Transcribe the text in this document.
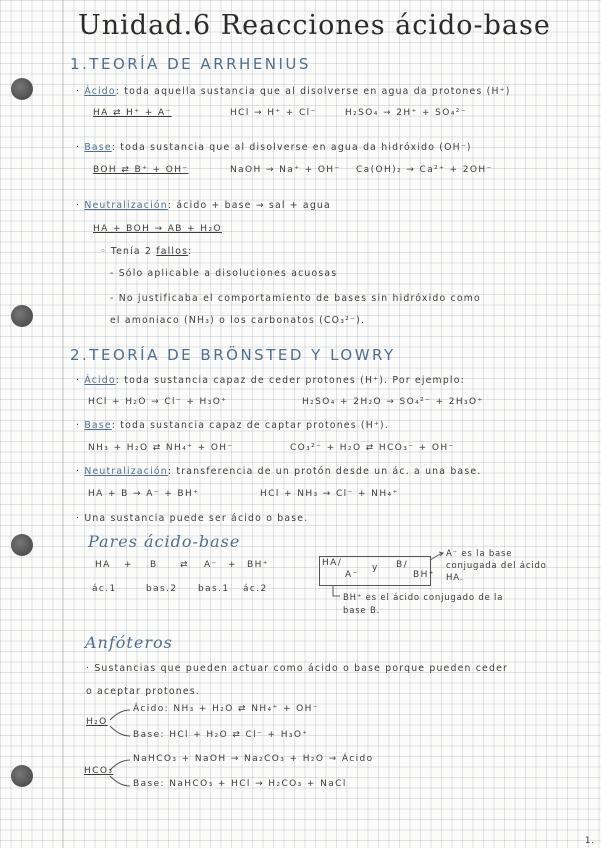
Unidad.6 Reacciones ácido-base
1.TEORÍA DE ARRHENIUS
· Ácido: toda aquella sustancia que al disolverse en agua da protones (H⁺)
HA ⇄ H⁺ + A⁻	HCl → H⁺ + Cl⁻	H₂SO₄ → 2H⁺ + SO₄²⁻
· Base: toda sustancia que al disolverse en agua da hidróxido (OH⁻)
BOH ⇄ B⁺ + OH⁻	NaOH → Na⁺ + OH⁻ Ca(OH)₂ → Ca²⁺ + 2OH⁻
· Neutralización: ácido + base → sal + agua
HA + BOH → AB + H₂O
◦ Tenía 2 fallos:
- Sólo aplicable a disoluciones acuosas
- No justificaba el comportamiento de bases sin hidróxido como
el amoniaco (NH₃) o los carbonatos (CO₃²⁻).
2.TEORÍA DE BRÖNSTED Y LOWRY
· Ácido: toda sustancia capaz de ceder protones (H⁺). Por ejemplo:
HCl + H₂O → Cl⁻ + H₃O⁺	H₂SO₄ + 2H₂O → SO₄²⁻ + 2H₃O⁺
· Base: toda sustancia capaz de captar protones (H⁺).
NH₃ + H₂O ⇄ NH₄⁺ + OH⁻	CO₃²⁻ + H₂O ⇄ HCO₃⁻ + OH⁻
· Neutralización: transferencia de un protón desde un ác. a una base.
HA + B → A⁻ + BH⁺	HCl + NH₃ → Cl⁻ + NH₄⁺
· Una sustancia puede ser ácido o base.
Pares ácido-base
HA + B ⇄ A⁻ + BH⁺
ác.1	bas.2 bas.1 ác.2
HA/
A⁻
y B/
BH⁺
A⁻ es la base
conjugada del ácido
HA.
BH⁺ es el ácido conjugado de la
base B.
Anfóteros
· Sustancias que pueden actuar como ácido o base porque pueden ceder
o aceptar protones.
H₂O
Ácido: NH₃ + H₂O ⇄ NH₄⁺ + OH⁻
Base: HCl + H₂O ⇄ Cl⁻ + H₃O⁺
HCO₃
NaHCO₃ + NaOH → Na₂CO₃ + H₂O → Ácido
Base: NaHCO₃ + HCl → H₂CO₃ + NaCl
1.
